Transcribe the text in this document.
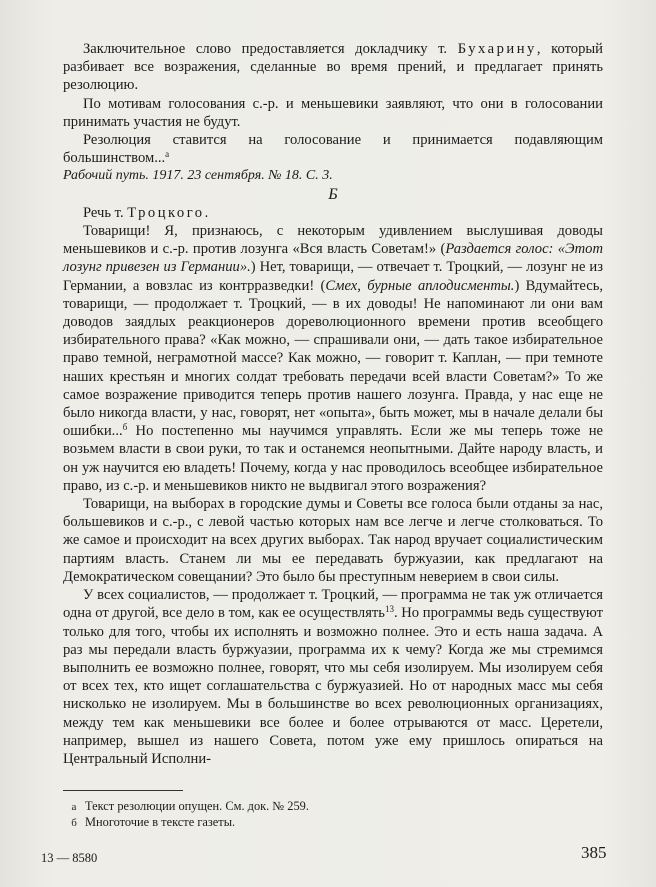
Заключительное слово предоставляется докладчику т. Бухарину, который разбивает все возражения, сделанные во время прений, и предлагает принять резолюцию.

По мотивам голосования с.-р. и меньшевики заявляют, что они в голосовании принимать участия не будут.

Резолюция ставится на голосование и принимается подавляющим большинством...$^а$

Рабочий путь. 1917. 23 сентября. № 18. С. 3.

Б

Речь т. Троцкого.

Товарищи! Я, признаюсь, с некоторым удивлением выслушивая доводы меньшевиков и с.-р. против лозунга «Вся власть Советам!» (Раздается голос: «Этот лозунг привезен из Германии».) Нет, товарищи, — отвечает т. Троцкий, — лозунг не из Германии, а вовзлас из контрразведки! (Смех, бурные аплодисменты.) Вдумайтесь, товарищи, — продолжает т. Троцкий, — в их доводы! Не напоминают ли они вам доводов заядлых реакционеров дореволюционного времени против всеобщего избирательного права? «Как можно, — спрашивали они, — дать такое избирательное право темной, неграмотной массе? Как можно, — говорит т. Каплан, — при темноте наших крестьян и многих солдат требовать передачи всей власти Советам?» То же самое возражение приводится теперь против нашего лозунга. Правда, у нас еще не было никогда власти, у нас, говорят, нет «опыта», быть может, мы в начале делали бы ошибки...$^б$ Но постепенно мы научимся управлять. Если же мы теперь тоже не возьмем власти в свои руки, то так и останемся неопытными. Дайте народу власть, и он уж научится ею владеть! Почему, когда у нас проводилось всеобщее избирательное право, из с.-р. и меньшевиков никто не выдвигал этого возражения?

Товарищи, на выборах в городские думы и Советы все голоса были отданы за нас, большевиков и с.-р., с левой частью которых нам все легче и легче столковаться. То же самое и происходит на всех других выборах. Так народ вручает социалистическим партиям власть. Станем ли мы ее передавать буржуазии, как предлагают на Демократическом совещании? Это было бы преступным неверием в свои силы.

У всех социалистов, — продолжает т. Троцкий, — программа не так уж отличается одна от другой, все дело в том, как ее осуществлять$^{13}$. Но программы ведь существуют только для того, чтобы их исполнять и возможно полнее. Это и есть наша задача. А раз мы передали власть буржуазии, программа их к чему? Когда же мы стремимся выполнить ее возможно полнее, говорят, что мы себя изолируем. Мы изолируем себя от всех тех, кто ищет соглашательства с буржуазией. Но от народных масс мы себя нисколько не изолируем. Мы в большинстве во всех революционных организациях, между тем как меньшевики все более и более отрываются от масс. Церетели, например, вышел из нашего Совета, потом уже ему пришлось опираться на Центральный Исполни-

а Текст резолюции опущен. См. док. № 259.
б Многоточие в тексте газеты.
13 — 8580	385
